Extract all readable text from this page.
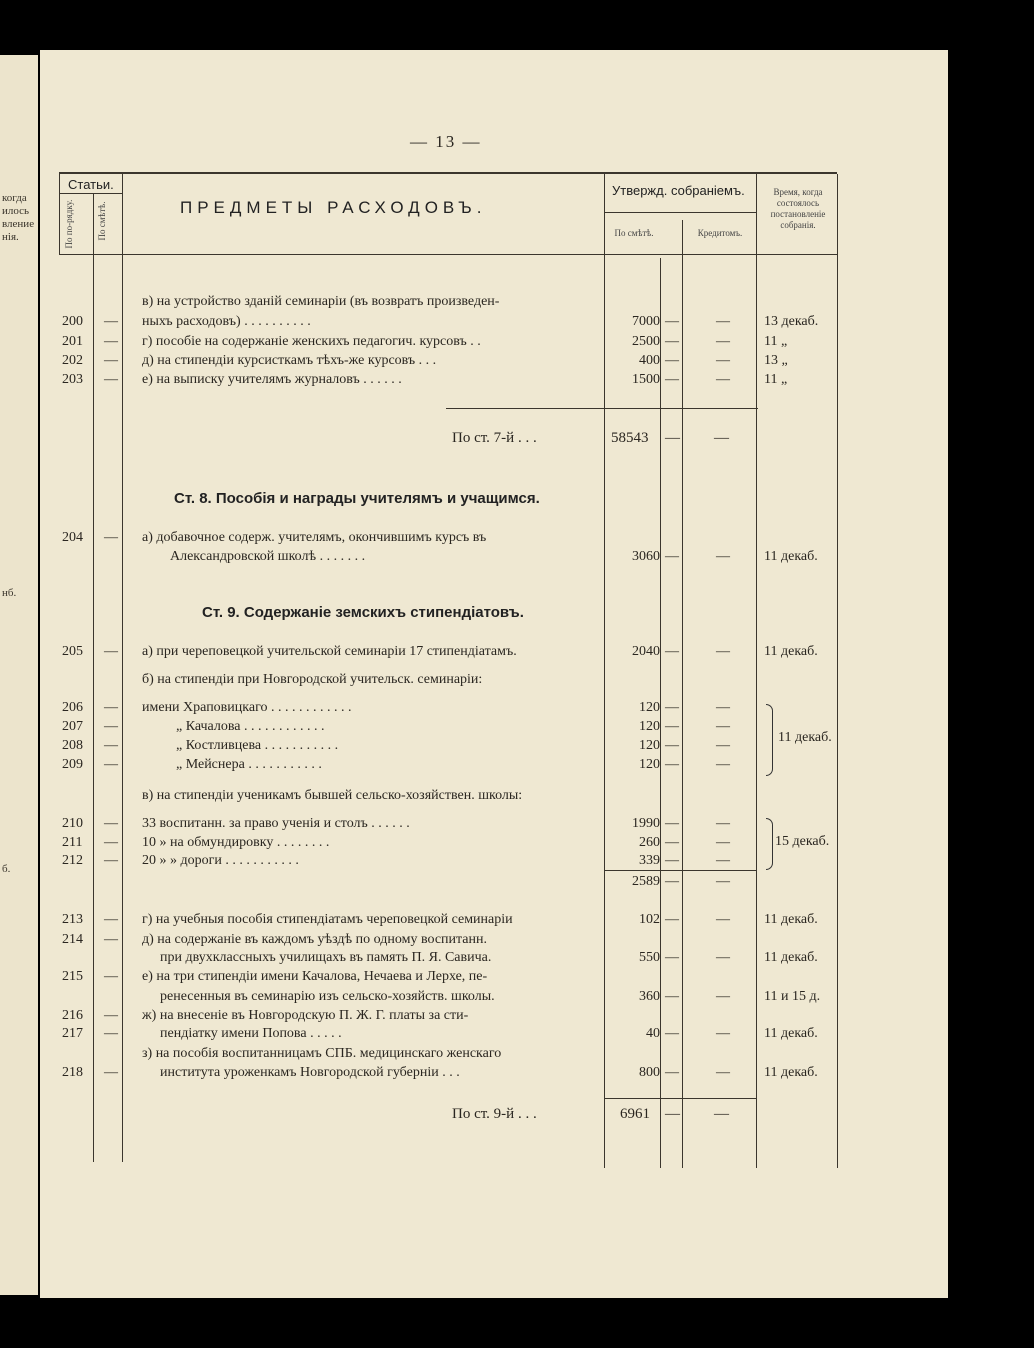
когда
илось
вление
нія.
нб.
б.
— 13 —
Статьи.
По по-рядку.	По смѣтѣ.	ПРЕДМЕТЫ РАСХОДОВЪ.
Утвержд. собраніемъ.
По смѣтѣ.	Кредитомъ.
Время, когда состоялось постановленіе собранія.
в) на устройство зданій семинаріи (въ возвратъ произведен-
200 — ныхъ расходовъ) . . . . . . . . . .	7000 —	— 13 декаб.
201 — г) пособіе на содержаніе женскихъ педагогич. курсовъ . .	2500 —	— 11 „
202 — д) на стипендіи курсисткамъ тѣхъ-же курсовъ . . .	400 —	— 13 „
203 — е) на выписку учителямъ журналовъ . . . . . .	1500 —	— 11 „
По ст. 7-й . . .	58543 — —
Ст. 8. Пособія и награды учителямъ и учащимся.
204 — а) добавочное содерж. учителямъ, окончившимъ курсъ въ
Александровской школѣ . . . . . . .	3060 —	— 11 декаб.
Ст. 9. Содержаніе земскихъ стипендіатовъ.
205 — а) при череповецкой учительской семинаріи 17 стипендіатамъ.	2040 —	— 11 декаб.
б) на стипендіи при Новгородской учительск. семинаріи:
206 — имени Храповицкаго . . . . . . . . . . . .	120 —	—
207 —	„ Качалова . . . . . . . . . . . .	120 —	—
208 —	„ Костливцева . . . . . . . . . . .	120 —	—
209 —	„ Мейснера . . . . . . . . . . .	120 —	—
11 декаб.
в) на стипендіи ученикамъ бывшей сельско-хозяйствен. школы:
210 — 33 воспитанн. за право ученія и столъ . . . . . .	1990 —	—
211 — 10 » на обмундировку . . . . . . . .	260 —	—
212 — 20 » » дороги . . . . . . . . . . .	339 —	—
15 декаб.
2589 —	—
213 — г) на учебныя пособія стипендіатамъ череповецкой семинаріи	102 —	— 11 декаб.
214 — д) на содержаніе въ каждомъ уѣздѣ по одному воспитанн.
при двухклассныхъ училищахъ въ память П. Я. Савича.	550 —	— 11 декаб.
215 — е) на три стипендіи имени Качалова, Нечаева и Лерхе, пе-
ренесенныя въ семинарію изъ сельско-хозяйств. школы.	360 —	— 11 и 15 д.
216 — ж) на внесеніе въ Новгородскую П. Ж. Г. платы за сти-
217 —	пендіатку имени Попова . . . . .	40 —	— 11 декаб.
з) на пособія воспитанницамъ СПБ. медицинскаго женскаго
218 —	института уроженкамъ Новгородской губерніи . . .	800 —	— 11 декаб.
По ст. 9-й . . .	6961 — —
